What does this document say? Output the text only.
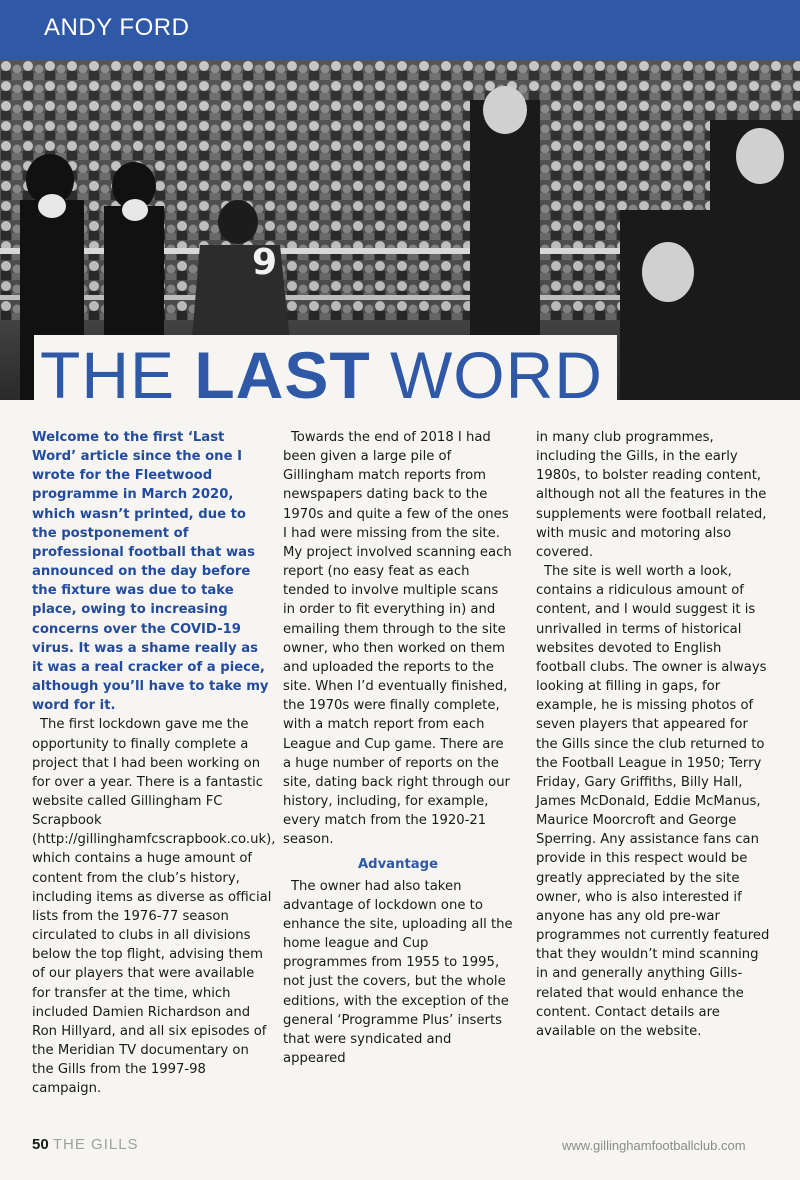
ANDY FORD
9
THE LAST WORD

Welcome to the first ‘Last Word’ article since the one I wrote for the Fleetwood programme in March 2020, which wasn’t printed, due to the postponement of professional football that was announced on the day before the fixture was due to take place, owing to increasing concerns over the COVID-19 virus. It was a shame really as it was a real cracker of a piece, although you’ll have to take my word for it.

The first lockdown gave me the opportunity to finally complete a project that I had been working on for over a year. There is a fantastic website called Gillingham FC Scrapbook (http://gillinghamfcscrapbook.co.uk), which contains a huge amount of content from the club’s history, including items as diverse as official lists from the 1976-77 season circulated to clubs in all divisions below the top flight, advising them of our players that were available for transfer at the time, which included Damien Richardson and Ron Hillyard, and all six episodes of the Meridian TV documentary on the Gills from the 1997-98 campaign.

Towards the end of 2018 I had been given a large pile of Gillingham match reports from newspapers dating back to the 1970s and quite a few of the ones I had were missing from the site. My project involved scanning each report (no easy feat as each tended to involve multiple scans in order to fit everything in) and emailing them through to the site owner, who then worked on them and uploaded the reports to the site. When I’d eventually finished, the 1970s were finally complete, with a match report from each League and Cup game. There are a huge number of reports on the site, dating back right through our history, including, for example, every match from the 1920-21 season.

Advantage

The owner had also taken advantage of lockdown one to enhance the site, uploading all the home league and Cup programmes from 1955 to 1995, not just the covers, but the whole editions, with the exception of the general ‘Programme Plus’ inserts that were syndicated and appeared

in many club programmes, including the Gills, in the early 1980s, to bolster reading content, although not all the features in the supplements were football related, with music and motoring also covered.

The site is well worth a look, contains a ridiculous amount of content, and I would suggest it is unrivalled in terms of historical websites devoted to English football clubs. The owner is always looking at filling in gaps, for example, he is missing photos of seven players that appeared for the Gills since the club returned to the Football League in 1950; Terry Friday, Gary Griffiths, Billy Hall, James McDonald, Eddie McManus, Maurice Moorcroft and George Sperring. Any assistance fans can provide in this respect would be greatly appreciated by the site owner, who is also interested if anyone has any old pre-war programmes not currently featured that they wouldn’t mind scanning in and generally anything Gills-related that would enhance the content. Contact details are available on the website.

50 THE GILLS	www.gillinghamfootballclub.com
